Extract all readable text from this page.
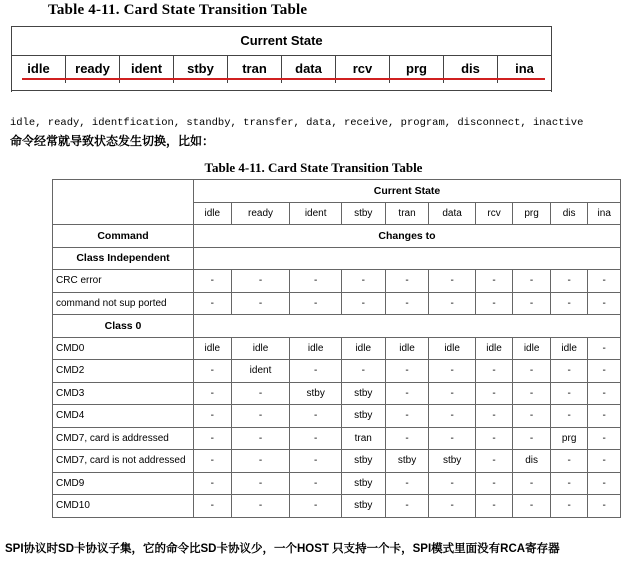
Table 4-11. Card State Transition Table
Current State
idle	ready	ident	stby	tran	data	rcv	prg	dis	ina
idle, ready, identfication, standby, transfer, data, receive, program, disconnect, inactive
命令经常就导致状态发生切换，比如：
Table 4-11. Card State Transition Table
	Current State									
	idle	ready	ident	stby	tran	data	rcv	prg	dis	ina
Command	Changes to									
Class Independent										
CRC error	-	-	-	-	-	-	-	-	-	-
command not sup ported	-	-	-	-	-	-	-	-	-	-
Class 0										
CMD0	idle	idle	idle	idle	idle	idle	idle	idle	idle	-
CMD2	-	ident	-	-	-	-	-	-	-	-
CMD3	-	-	stby	stby	-	-	-	-	-	-
CMD4	-	-	-	stby	-	-	-	-	-	-
CMD7, card is addressed	-	-	-	tran	-	-	-	-	prg	-
CMD7, card is not addressed	-	-	-	stby	stby	stby	-	dis	-	-
CMD9	-	-	-	stby	-	-	-	-	-	-
CMD10	-	-	-	stby	-	-	-	-	-	-
SPI协议时SD卡协议子集，它的命令比SD卡协议少，一个HOST 只支持一个卡，SPI模式里面没有RCA寄存器
